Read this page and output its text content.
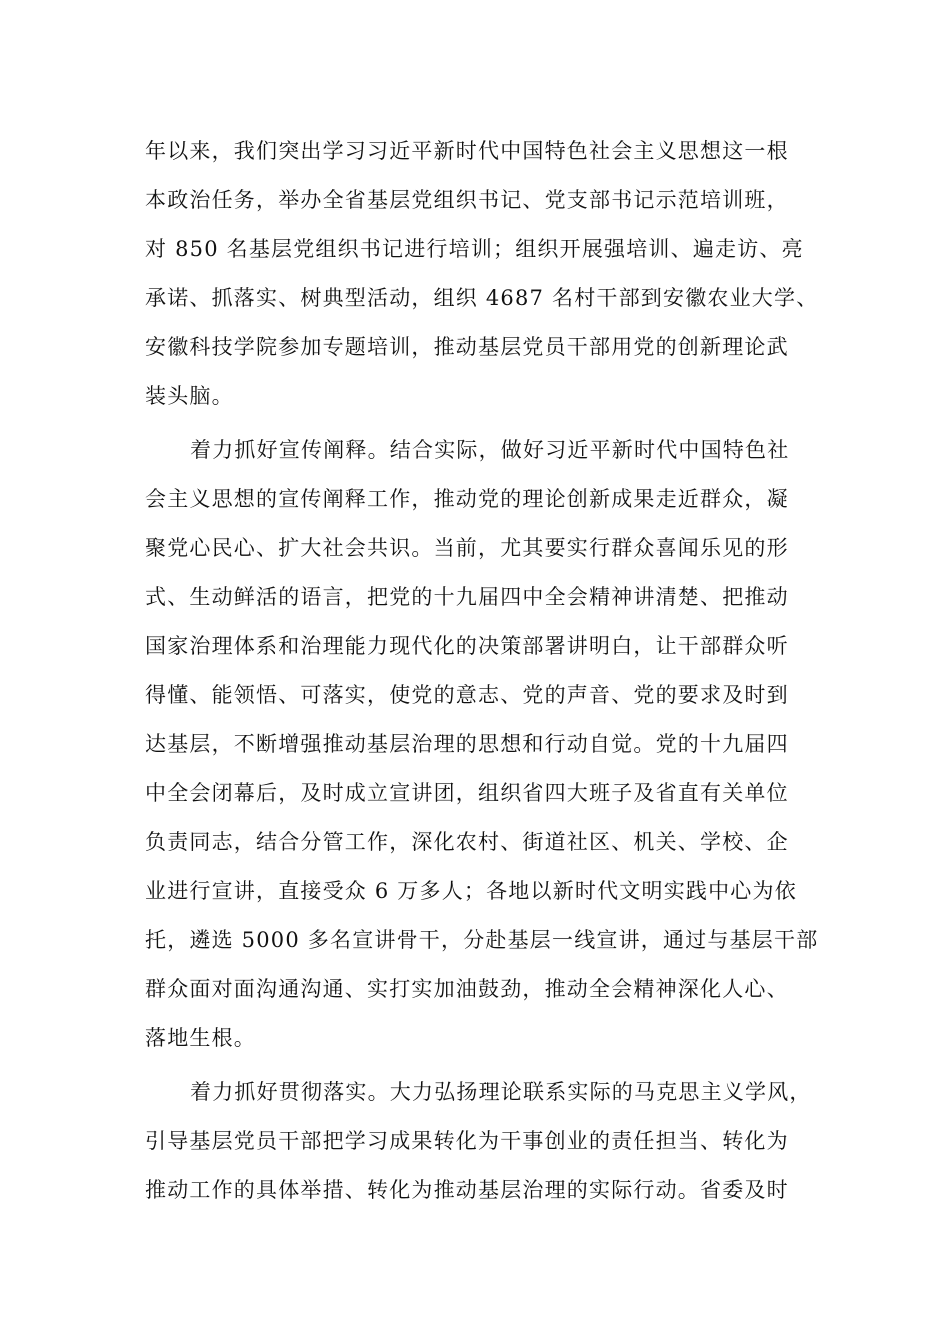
年以来，我们突出学习习近平新时代中国特色社会主义思想这一根
本政治任务，举办全省基层党组织书记、党支部书记示范培训班，
对 850 名基层党组织书记进行培训；组织开展强培训、遍走访、亮
承诺、抓落实、树典型活动，组织 4687 名村干部到安徽农业大学、
安徽科技学院参加专题培训，推动基层党员干部用党的创新理论武
装头脑。
着力抓好宣传阐释。结合实际，做好习近平新时代中国特色社
会主义思想的宣传阐释工作，推动党的理论创新成果走近群众，凝
聚党心民心、扩大社会共识。当前，尤其要实行群众喜闻乐见的形
式、生动鲜活的语言，把党的十九届四中全会精神讲清楚、把推动
国家治理体系和治理能力现代化的决策部署讲明白，让干部群众听
得懂、能领悟、可落实，使党的意志、党的声音、党的要求及时到
达基层，不断增强推动基层治理的思想和行动自觉。党的十九届四
中全会闭幕后，及时成立宣讲团，组织省四大班子及省直有关单位
负责同志，结合分管工作，深化农村、街道社区、机关、学校、企
业进行宣讲，直接受众 6 万多人；各地以新时代文明实践中心为依
托，遴选 5000 多名宣讲骨干，分赴基层一线宣讲，通过与基层干部
群众面对面沟通沟通、实打实加油鼓劲，推动全会精神深化人心、
落地生根。
着力抓好贯彻落实。大力弘扬理论联系实际的马克思主义学风，
引导基层党员干部把学习成果转化为干事创业的责任担当、转化为
推动工作的具体举措、转化为推动基层治理的实际行动。省委及时
